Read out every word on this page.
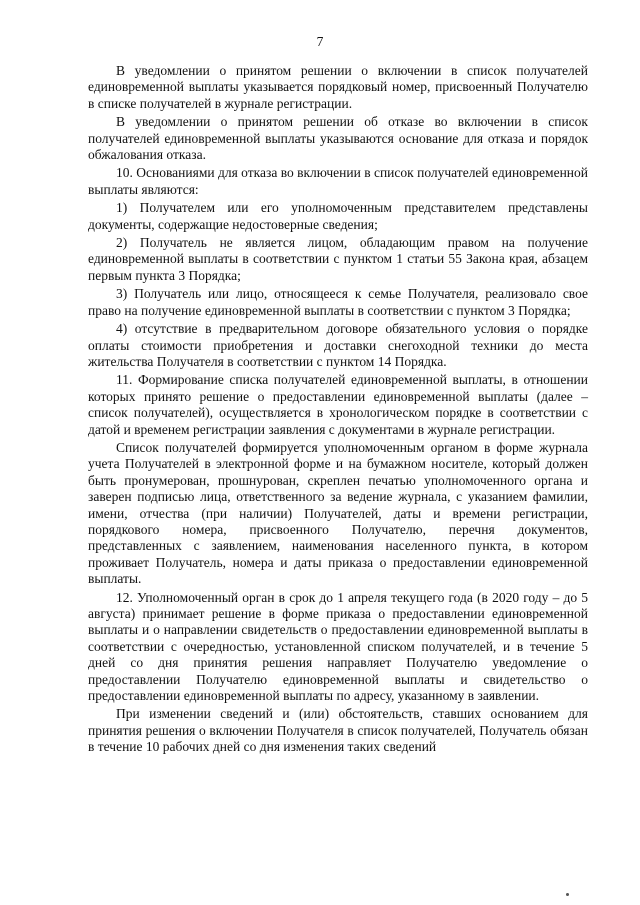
7

В уведомлении о принятом решении о включении в список получателей единовременной выплаты указывается порядковый номер, присвоенный Получателю в списке получателей в журнале регистрации.

В уведомлении о принятом решении об отказе во включении в список получателей единовременной выплаты указываются основание для отказа и порядок обжалования отказа.

10. Основаниями для отказа во включении в список получателей единовременной выплаты являются:

1) Получателем или его уполномоченным представителем представлены документы, содержащие недостоверные сведения;

2) Получатель не является лицом, обладающим правом на получение единовременной выплаты в соответствии с пунктом 1 статьи 55 Закона края, абзацем первым пункта 3 Порядка;

3) Получатель или лицо, относящееся к семье Получателя, реализовало свое право на получение единовременной выплаты в соответствии с пунктом 3 Порядка;

4) отсутствие в предварительном договоре обязательного условия о порядке оплаты стоимости приобретения и доставки снегоходной техники до места жительства Получателя в соответствии с пунктом 14 Порядка.

11. Формирование списка получателей единовременной выплаты, в отношении которых принято решение о предоставлении единовременной выплаты (далее – список получателей), осуществляется в хронологическом порядке в соответствии с датой и временем регистрации заявления с документами в журнале регистрации.

Список получателей формируется уполномоченным органом в форме журнала учета Получателей в электронной форме и на бумажном носителе, который должен быть пронумерован, прошнурован, скреплен печатью уполномоченного органа и заверен подписью лица, ответственного за ведение журнала, с указанием фамилии, имени, отчества (при наличии) Получателей, даты и времени регистрации, порядкового номера, присвоенного Получателю, перечня документов, представленных с заявлением, наименования населенного пункта, в котором проживает Получатель, номера и даты приказа о предоставлении единовременной выплаты.

12. Уполномоченный орган в срок до 1 апреля текущего года (в 2020 году – до 5 августа) принимает решение в форме приказа о предоставлении единовременной выплаты и о направлении свидетельств о предоставлении единовременной выплаты в соответствии с очередностью, установленной списком получателей, и в течение 5 дней со дня принятия решения направляет Получателю уведомление о предоставлении Получателю единовременной выплаты и свидетельство о предоставлении единовременной выплаты по адресу, указанному в заявлении.

При изменении сведений и (или) обстоятельств, ставших основанием для принятия решения о включении Получателя в список получателей, Получатель обязан в течение 10 рабочих дней со дня изменения таких сведений
